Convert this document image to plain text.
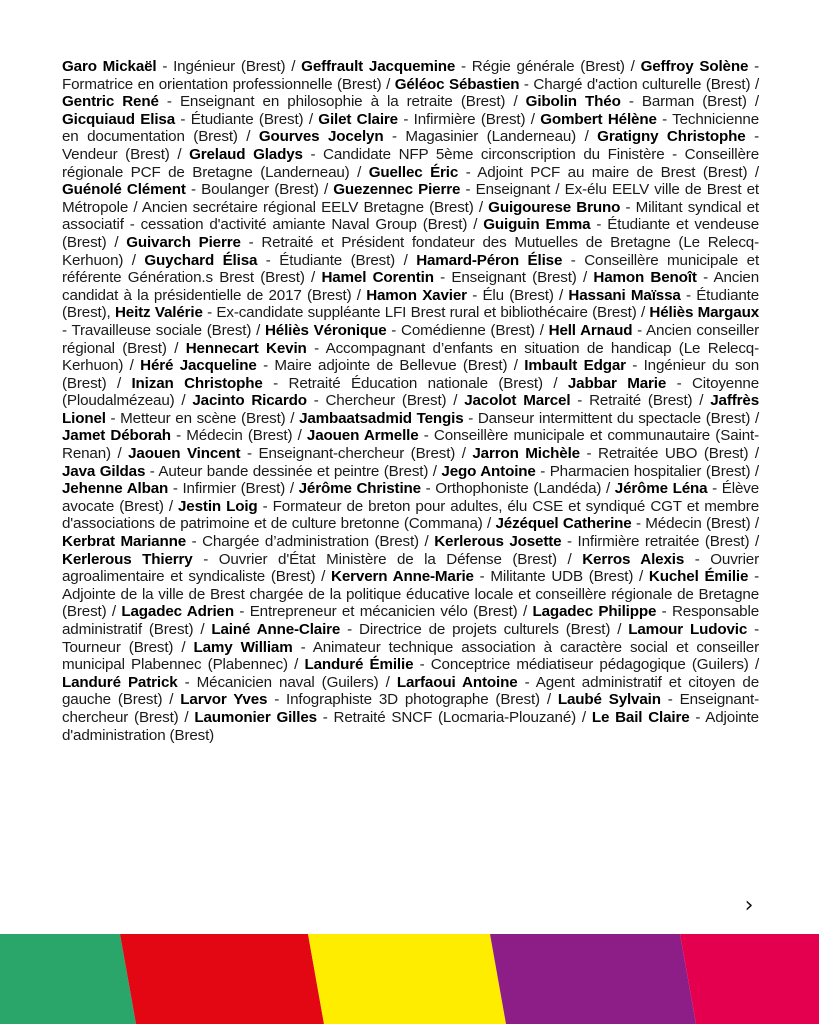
Garo Mickaël - Ingénieur (Brest) / Geffrault Jacquemine - Régie générale (Brest) / Geffroy Solène - Formatrice en orientation professionnelle (Brest) / Géléoc Sébastien - Chargé d'action culturelle (Brest) / Gentric René - Enseignant en philosophie à la retraite (Brest) / Gibolin Théo - Barman (Brest) / Gicquiaud Elisa - Étudiante (Brest) / Gilet Claire - Infirmière (Brest) / Gombert Hélène - Technicienne en documentation (Brest) / Gourves Jocelyn - Magasinier (Landerneau) / Gratigny Christophe - Vendeur (Brest) / Grelaud Gladys - Candidate NFP 5ème circonscription du Finistère - Conseillère régionale PCF de Bretagne (Landerneau) / Guellec Éric - Adjoint PCF au maire de Brest (Brest) / Guénolé Clément - Boulanger (Brest) / Guezennec Pierre - Enseignant / Ex-élu EELV ville de Brest et Métropole / Ancien secrétaire régional EELV Bretagne (Brest) / Guigourese Bruno - Militant syndical et associatif - cessation d'activité amiante Naval Group (Brest) / Guiguin Emma - Étudiante et vendeuse (Brest) / Guivarch Pierre - Retraité et Président fondateur des Mutuelles de Bretagne (Le Relecq-Kerhuon) / Guychard Élisa - Étudiante (Brest) / Hamard-Péron Élise - Conseillère municipale et référente Génération.s Brest (Brest) / Hamel Corentin - Enseignant (Brest) / Hamon Benoît - Ancien candidat à la présidentielle de 2017 (Brest) / Hamon Xavier - Élu (Brest) / Hassani Maïssa - Étudiante (Brest), Heitz Valérie - Ex-candidate suppléante LFI Brest rural et bibliothécaire (Brest) / Héliès Margaux - Travailleuse sociale (Brest) / Héliès Véronique - Comédienne (Brest) / Hell Arnaud - Ancien conseiller régional (Brest) / Hennecart Kevin - Accompagnant d’enfants en situation de handicap (Le Relecq-Kerhuon) / Héré Jacqueline - Maire adjointe de Bellevue (Brest) / Imbault Edgar - Ingénieur du son (Brest) / Inizan Christophe - Retraité Éducation nationale (Brest) / Jabbar Marie - Citoyenne (Ploudalmézeau) / Jacinto Ricardo - Chercheur (Brest) / Jacolot Marcel - Retraité (Brest) / Jaffrès Lionel - Metteur en scène (Brest) / Jambaatsadmid Tengis - Danseur intermittent du spectacle (Brest) / Jamet Déborah - Médecin (Brest) / Jaouen Armelle - Conseillère municipale et communautaire (Saint-Renan) / Jaouen Vincent - Enseignant-chercheur (Brest) / Jarron Michèle - Retraitée UBO (Brest) / Java Gildas - Auteur bande dessinée et peintre (Brest) / Jego Antoine - Pharmacien hospitalier (Brest) / Jehenne Alban - Infirmier (Brest) / Jérôme Christine - Orthophoniste (Landéda) / Jérôme Léna - Élève avocate (Brest) / Jestin Loig - Formateur de breton pour adultes, élu CSE et syndiqué CGT et membre d'associations de patrimoine et de culture bretonne (Commana) / Jézéquel Catherine - Médecin (Brest) / Kerbrat Marianne - Chargée d’administration (Brest) / Kerlerous Josette - Infirmière retraitée (Brest) / Kerlerous Thierry - Ouvrier d'État Ministère de la Défense (Brest) / Kerros Alexis - Ouvrier agroalimentaire et syndicaliste (Brest) / Kervern Anne-Marie - Militante UDB (Brest) / Kuchel Émilie - Adjointe de la ville de Brest chargée de la politique éducative locale et conseillère régionale de Bretagne (Brest) / Lagadec Adrien - Entrepreneur et mécanicien vélo (Brest) / Lagadec Philippe - Responsable administratif (Brest) / Lainé Anne-Claire - Directrice de projets culturels (Brest) / Lamour Ludovic - Tourneur (Brest) / Lamy William - Animateur technique association à caractère social et conseiller municipal Plabennec (Plabennec) / Landuré Émilie - Conceptrice médiatiseur pédagogique (Guilers) / Landuré Patrick - Mécanicien naval (Guilers) / Larfaoui Antoine - Agent administratif et citoyen de gauche (Brest) / Larvor Yves - Infographiste 3D photographe (Brest) / Laubé Sylvain - Enseignant-chercheur (Brest) / Laumonier Gilles - Retraité SNCF (Locmaria-Plouzané) / Le Bail Claire - Adjointe d'administration (Brest)
›
